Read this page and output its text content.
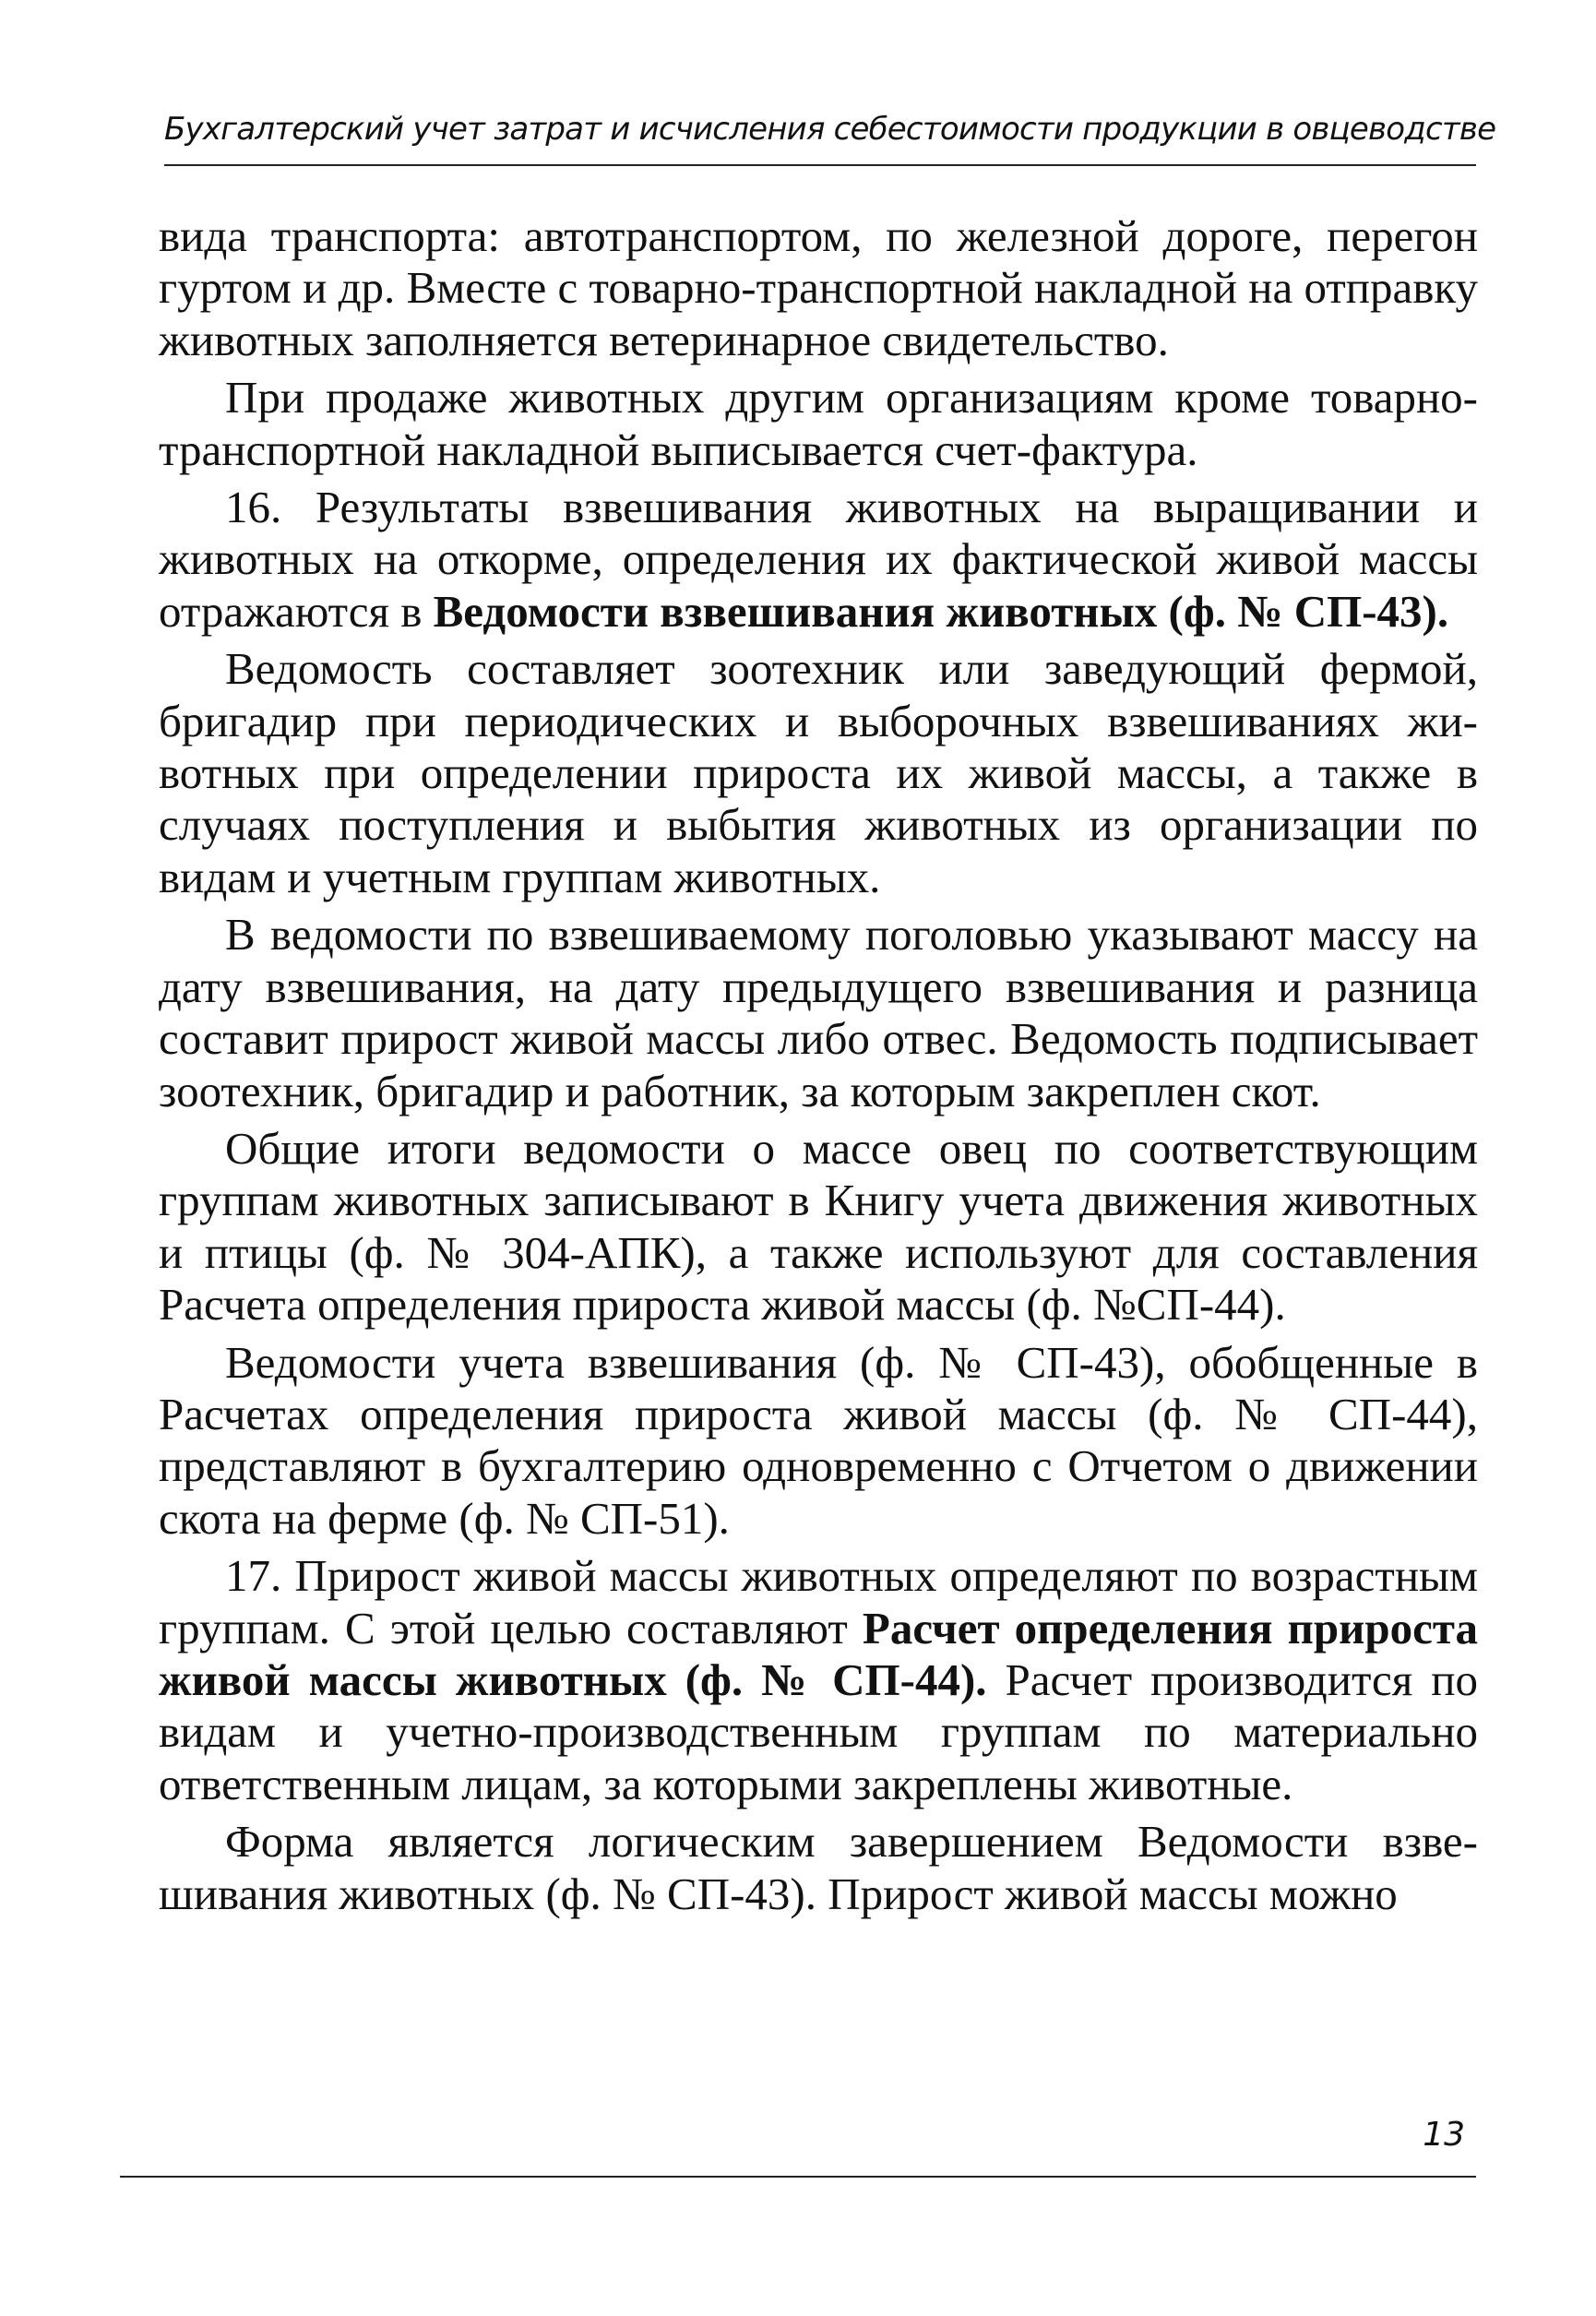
Бухгалтерский учет затрат и исчисления себестоимости продукции в овцеводстве

вида транспорта: автотранспортом, по железной дороге, перегон гуртом и др. Вместе с товарно-транспортной накладной на отправку животных заполняется ветеринарное свидетельство.

При продаже животных другим организациям кроме товарно-транспортной накладной выписывается счет-фактура.

16. Результаты взвешивания животных на выращивании и животных на откорме, определения их фактической живой массы отражаются в Ведомости взвешивания животных (ф. № СП-43).

Ведомость составляет зоотехник или заведующий фермой, бригадир при периодических и выборочных взвешиваниях животных при определении прироста их живой массы, а также в случаях поступления и выбытия животных из организации по видам и учетным группам животных.

В ведомости по взвешиваемому поголовью указывают массу на дату взвешивания, на дату предыдущего взвешивания и разница составит прирост живой массы либо отвес. Ведомость подписывает зоотехник, бригадир и работник, за которым закреплен скот.

Общие итоги ведомости о массе овец по соответствующим группам животных записывают в Книгу учета движения животных и птицы (ф. № 304-АПК), а также используют для составления Расчета определения прироста живой массы (ф. №СП-44).

Ведомости учета взвешивания (ф. № СП-43), обобщенные в Расчетах определения прироста живой массы (ф. № СП-44), представляют в бухгалтерию одновременно с Отчетом о движении скота на ферме (ф. № СП-51).

17. Прирост живой массы животных определяют по возрастным группам. С этой целью составляют Расчет определения прироста живой массы животных (ф. № СП-44). Расчет производится по видам и учетно-производственным группам по материально ответственным лицам, за которыми закреплены животные.

Форма является логическим завершением Ведомости взвешивания животных (ф. № СП-43). Прирост живой массы можно

13
